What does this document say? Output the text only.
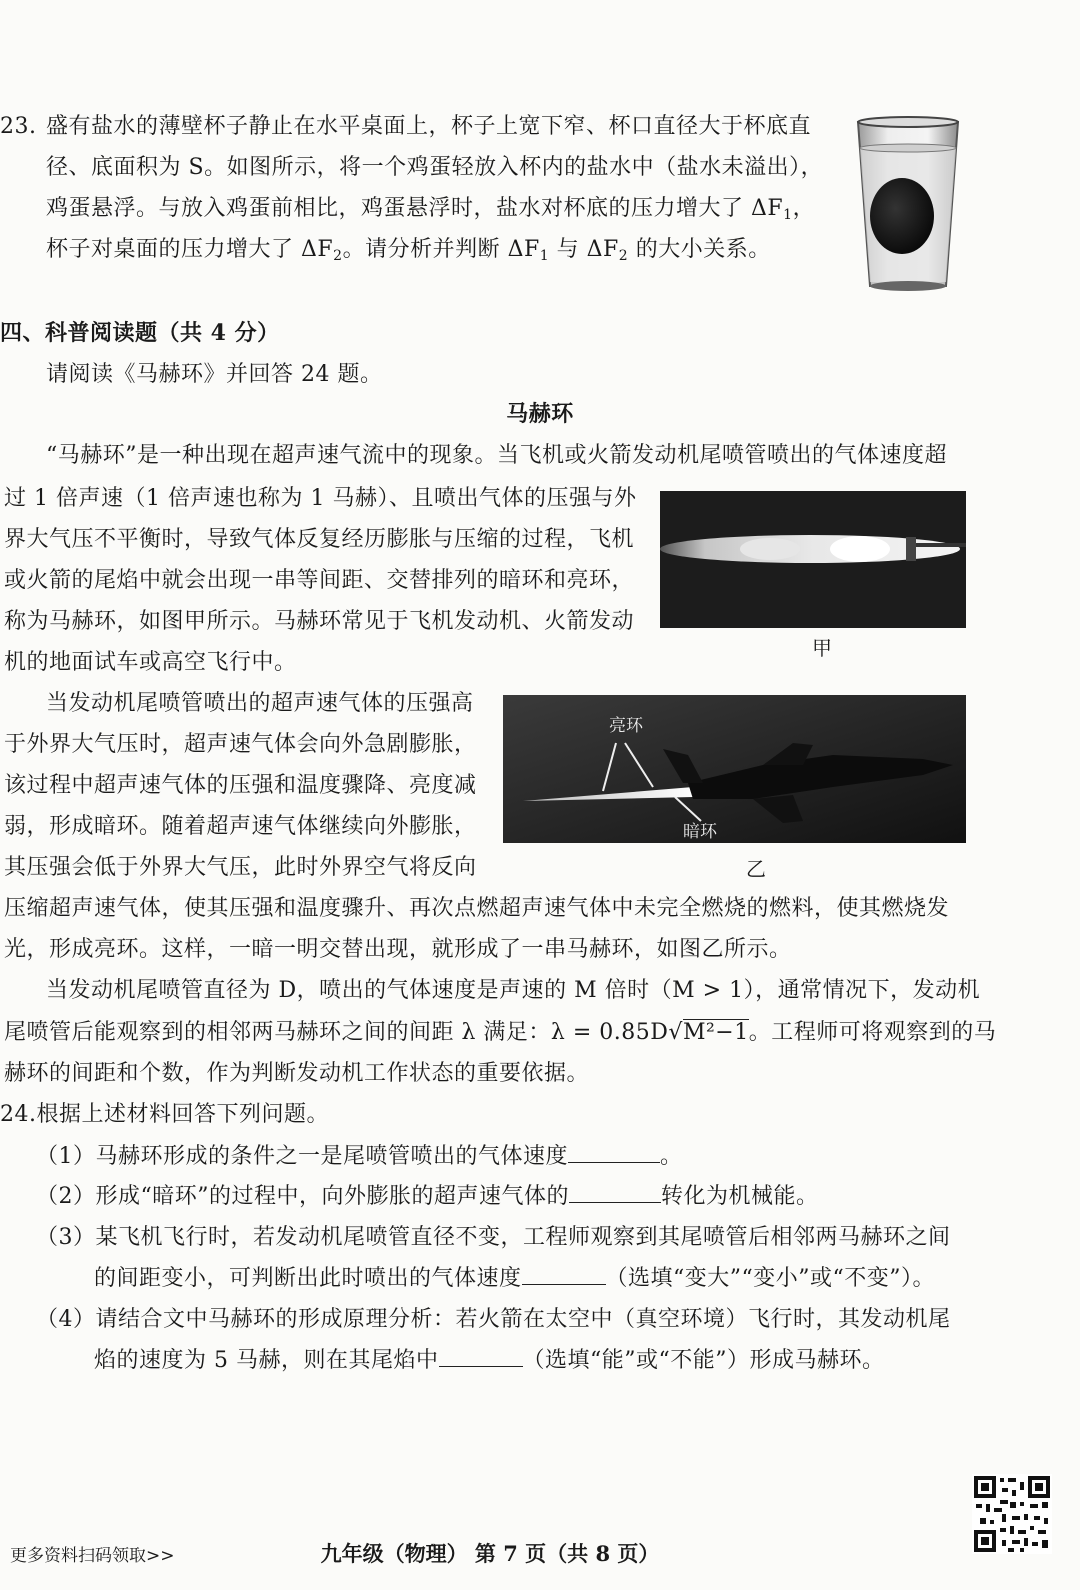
23. 盛有盐水的薄壁杯子静止在水平桌面上，杯子上宽下窄、杯口直径大于杯底直
径、底面积为 S。如图所示，将一个鸡蛋轻放入杯内的盐水中（盐水未溢出），
鸡蛋悬浮。与放入鸡蛋前相比，鸡蛋悬浮时，盐水对杯底的压力增大了 $\Delta F_1$，
杯子对桌面的压力增大了 $\Delta F_2$。请分析并判断 $\Delta F_1$ 与 $\Delta F_2$ 的大小关系。
四、科普阅读题（共 4 分）
请阅读《马赫环》并回答 24 题。
马赫环
“马赫环”是一种出现在超声速气流中的现象。当飞机或火箭发动机尾喷管喷出的气体速度超
过 1 倍声速（1 倍声速也称为 1 马赫）、且喷出气体的压强与外
界大气压不平衡时，导致气体反复经历膨胀与压缩的过程，飞机
或火箭的尾焰中就会出现一串等间距、交替排列的暗环和亮环，
称为马赫环，如图甲所示。马赫环常见于飞机发动机、火箭发动
机的地面试车或高空飞行中。
甲
当发动机尾喷管喷出的超声速气体的压强高
于外界大气压时，超声速气体会向外急剧膨胀，
该过程中超声速气体的压强和温度骤降、亮度减
弱，形成暗环。随着超声速气体继续向外膨胀，
其压强会低于外界大气压，此时外界空气将反向
压缩超声速气体，使其压强和温度骤升、再次点燃超声速气体中未完全燃烧的燃料，使其燃烧发
光，形成亮环。这样，一暗一明交替出现，就形成了一串马赫环，如图乙所示。
亮环
暗环
乙
当发动机尾喷管直径为 D，喷出的气体速度是声速的 M 倍时（M > 1），通常情况下，发动机
尾喷管后能观察到的相邻两马赫环之间的间距 λ 满足：λ = 0.85D√M²−1。工程师可将观察到的马
赫环的间距和个数，作为判断发动机工作状态的重要依据。
24.根据上述材料回答下列问题。
（1）马赫环形成的条件之一是尾喷管喷出的气体速度	。
（2）形成“暗环”的过程中，向外膨胀的超声速气体的	转化为机械能。
（3）某飞机飞行时，若发动机尾喷管直径不变，工程师观察到其尾喷管后相邻两马赫环之间
的间距变小，可判断出此时喷出的气体速度	（选填“变大”“变小”或“不变”）。
（4）请结合文中马赫环的形成原理分析：若火箭在太空中（真空环境）飞行时，其发动机尾
焰的速度为 5 马赫，则在其尾焰中	（选填“能”或“不能”）形成马赫环。
更多资料扫码领取>>	九年级（物理） 第 7 页（共 8 页）
